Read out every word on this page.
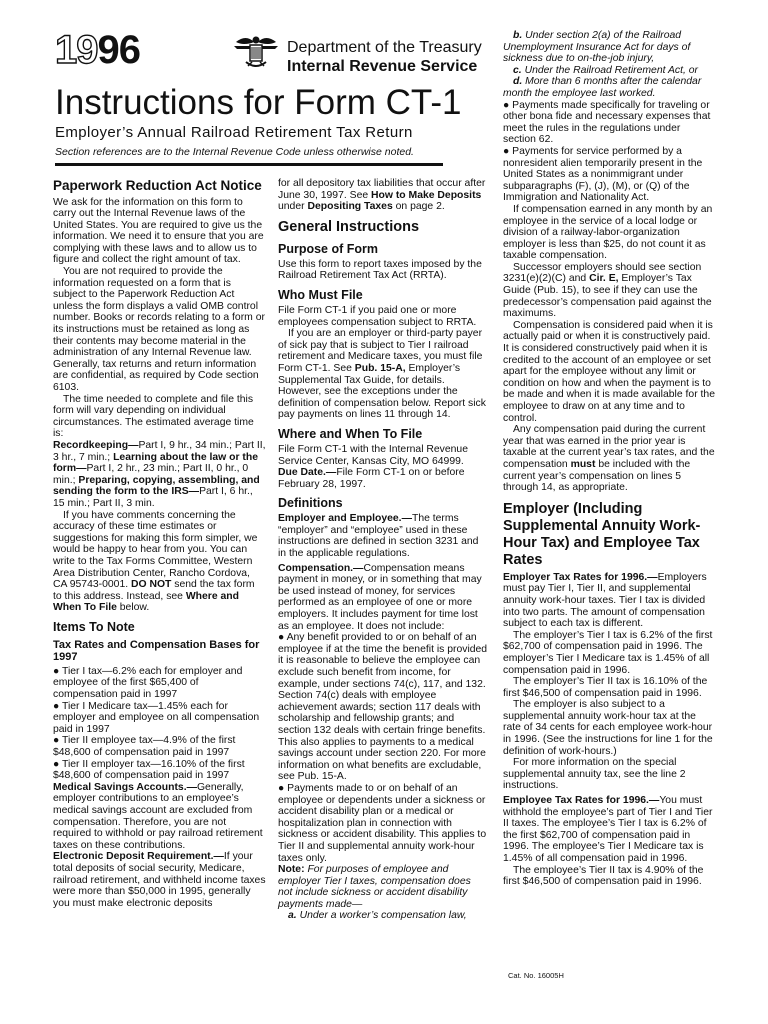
1996	Department of the Treasury
Internal Revenue Service
Instructions for Form CT-1
Employer’s Annual Railroad Retirement Tax Return
Section references are to the Internal Revenue Code unless otherwise noted.
Paperwork Reduction Act Notice

We ask for the information on this form to carry out the Internal Revenue laws of the United States. You are required to give us the information. We need it to ensure that you are complying with these laws and to allow us to figure and collect the right amount of tax.

You are not required to provide the information requested on a form that is subject to the Paperwork Reduction Act unless the form displays a valid OMB control number. Books or records relating to a form or its instructions must be retained as long as their contents may become material in the administration of any Internal Revenue law. Generally, tax returns and return information are confidential, as required by Code section 6103.

The time needed to complete and file this form will vary depending on individual circumstances. The estimated average time is:

Recordkeeping—Part I, 9 hr., 34 min.; Part II, 3 hr., 7 min.; Learning about the law or the form—Part I, 2 hr., 23 min.; Part II, 0 hr., 0 min.; Preparing, copying, assembling, and sending the form to the IRS—Part I, 6 hr., 15 min.; Part II, 3 min.

If you have comments concerning the accuracy of these time estimates or suggestions for making this form simpler, we would be happy to hear from you. You can write to the Tax Forms Committee, Western Area Distribution Center, Rancho Cordova, CA 95743-0001. DO NOT send the tax form to this address. Instead, see Where and When To File below.

Items To Note
Tax Rates and Compensation Bases for 1997

● Tier I tax—6.2% each for employer and employee of the first $65,400 of compensation paid in 1997

● Tier I Medicare tax—1.45% each for employer and employee on all compensation paid in 1997

● Tier II employee tax—4.9% of the first $48,600 of compensation paid in 1997

● Tier II employer tax—16.10% of the first $48,600 of compensation paid in 1997

Medical Savings Accounts.—Generally, employer contributions to an employee’s medical savings account are excluded from compensation. Therefore, you are not required to withhold or pay railroad retirement taxes on these contributions.

Electronic Deposit Requirement.—If your total deposits of social security, Medicare, railroad retirement, and withheld income taxes were more than $50,000 in 1995, generally you must make electronic deposits

for all depository tax liabilities that occur after June 30, 1997. See How to Make Deposits under Depositing Taxes on page 2.

General Instructions
Purpose of Form

Use this form to report taxes imposed by the Railroad Retirement Tax Act (RRTA).

Who Must File

File Form CT-1 if you paid one or more employees compensation subject to RRTA.

If you are an employer or third-party payer of sick pay that is subject to Tier I railroad retirement and Medicare taxes, you must file Form CT-1. See Pub. 15-A, Employer’s Supplemental Tax Guide, for details. However, see the exceptions under the definition of compensation below. Report sick pay payments on lines 11 through 14.

Where and When To File

File Form CT-1 with the Internal Revenue Service Center, Kansas City, MO 64999.

Due Date.—File Form CT-1 on or before February 28, 1997.

Definitions

Employer and Employee.—The terms “employer” and “employee” used in these instructions are defined in section 3231 and in the applicable regulations.

Compensation.—Compensation means payment in money, or in something that may be used instead of money, for services performed as an employee of one or more employers. It includes payment for time lost as an employee. It does not include:

● Any benefit provided to or on behalf of an employee if at the time the benefit is provided it is reasonable to believe the employee can exclude such benefit from income, for example, under sections 74(c), 117, and 132. Section 74(c) deals with employee achievement awards; section 117 deals with scholarship and fellowship grants; and section 132 deals with certain fringe benefits. This also applies to payments to a medical savings account under section 220. For more information on what benefits are excludable, see Pub. 15-A.

● Payments made to or on behalf of an employee or dependents under a sickness or accident disability plan or a medical or hospitalization plan in connection with sickness or accident disability. This applies to Tier II and supplemental annuity work-hour taxes only.

Note: For purposes of employee and employer Tier I taxes, compensation does not include sickness or accident disability payments made—

a. Under a worker’s compensation law,

b. Under section 2(a) of the Railroad Unemployment Insurance Act for days of sickness due to on-the-job injury,

c. Under the Railroad Retirement Act, or

d. More than 6 months after the calendar month the employee last worked.

● Payments made specifically for traveling or other bona fide and necessary expenses that meet the rules in the regulations under section 62.

● Payments for service performed by a nonresident alien temporarily present in the United States as a nonimmigrant under subparagraphs (F), (J), (M), or (Q) of the Immigration and Nationality Act.

If compensation earned in any month by an employee in the service of a local lodge or division of a railway-labor-organization employer is less than $25, do not count it as taxable compensation.

Successor employers should see section 3231(e)(2)(C) and Cir. E, Employer’s Tax Guide (Pub. 15), to see if they can use the predecessor’s compensation paid against the maximums.

Compensation is considered paid when it is actually paid or when it is constructively paid. It is considered constructively paid when it is credited to the account of an employee or set apart for the employee without any limit or condition on how and when the payment is to be made and when it is made available for the employee to draw on at any time and to control.

Any compensation paid during the current year that was earned in the prior year is taxable at the current year’s tax rates, and the compensation must be included with the current year’s compensation on lines 5 through 14, as appropriate.

Employer (Including Supplemental Annuity Work-Hour Tax) and Employee Tax Rates

Employer Tax Rates for 1996.—Employers must pay Tier I, Tier II, and supplemental annuity work-hour taxes. Tier I tax is divided into two parts. The amount of compensation subject to each tax is different.

The employer’s Tier I tax is 6.2% of the first $62,700 of compensation paid in 1996. The employer’s Tier I Medicare tax is 1.45% of all compensation paid in 1996.

The employer’s Tier II tax is 16.10% of the first $46,500 of compensation paid in 1996.

The employer is also subject to a supplemental annuity work-hour tax at the rate of 34 cents for each employee work-hour in 1996. (See the instructions for line 1 for the definition of work-hours.)

For more information on the special supplemental annuity tax, see the line 2 instructions.

Employee Tax Rates for 1996.—You must withhold the employee’s part of Tier I and Tier II taxes. The employee’s Tier I tax is 6.2% of the first $62,700 of compensation paid in 1996. The employee’s Tier I Medicare tax is 1.45% of all compensation paid in 1996.

The employee’s Tier II tax is 4.90% of the first $46,500 of compensation paid in 1996.

Cat. No. 16005H
